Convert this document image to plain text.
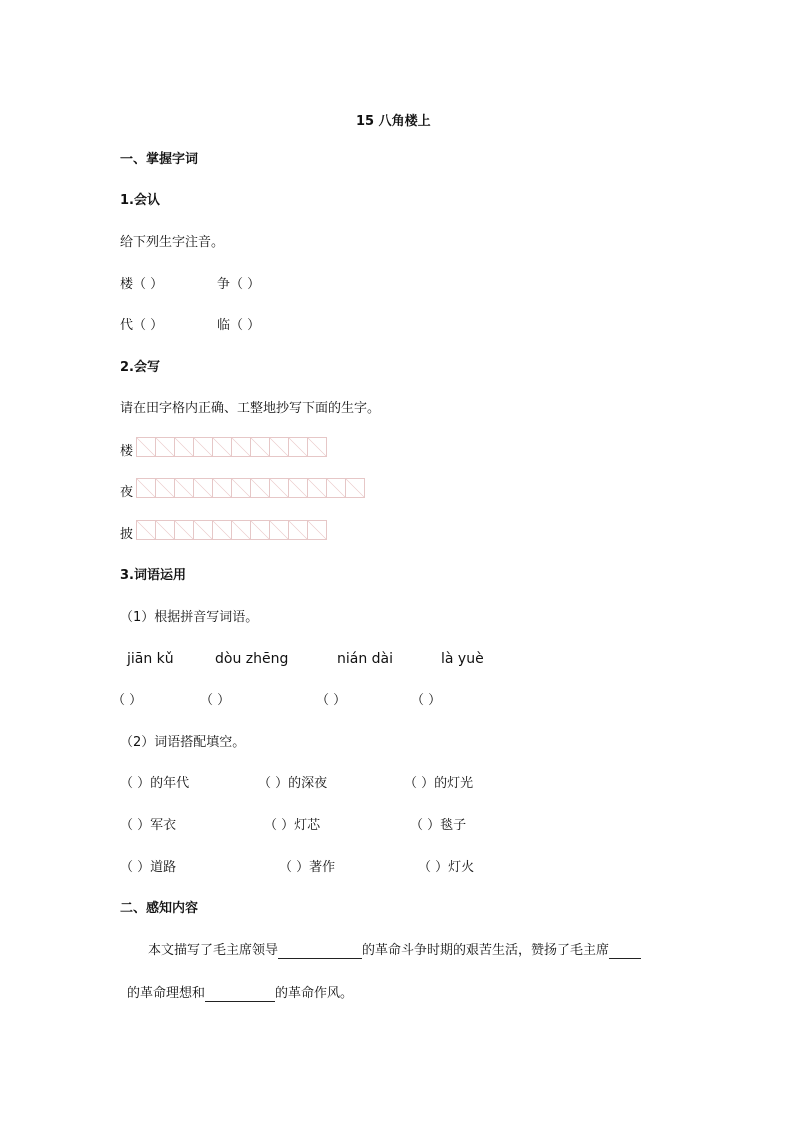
15 八角楼上
一、掌握字词
1.会认
给下列生字注音。
楼（ ）	争（ ）
代（ ）	临（ ）
2.会写
请在田字格内正确、工整地抄写下面的生字。
楼
夜
披
3.词语运用
（1）根据拼音写词语。
jiān kǔ	dòu zhēng	nián dài	là yuè
（ ）	（ ）	（ ）	（ ）
（2）词语搭配填空。
（ ）的年代	（ ）的深夜	（ ）的灯光
（ ）军衣	（ ）灯芯	（ ）毯子
（ ）道路	（ ）著作	（ ）灯火
二、感知内容
本文描写了毛主席领导	的革命斗争时期的艰苦生活，赞扬了毛主席
的革命理想和	的革命作风。
